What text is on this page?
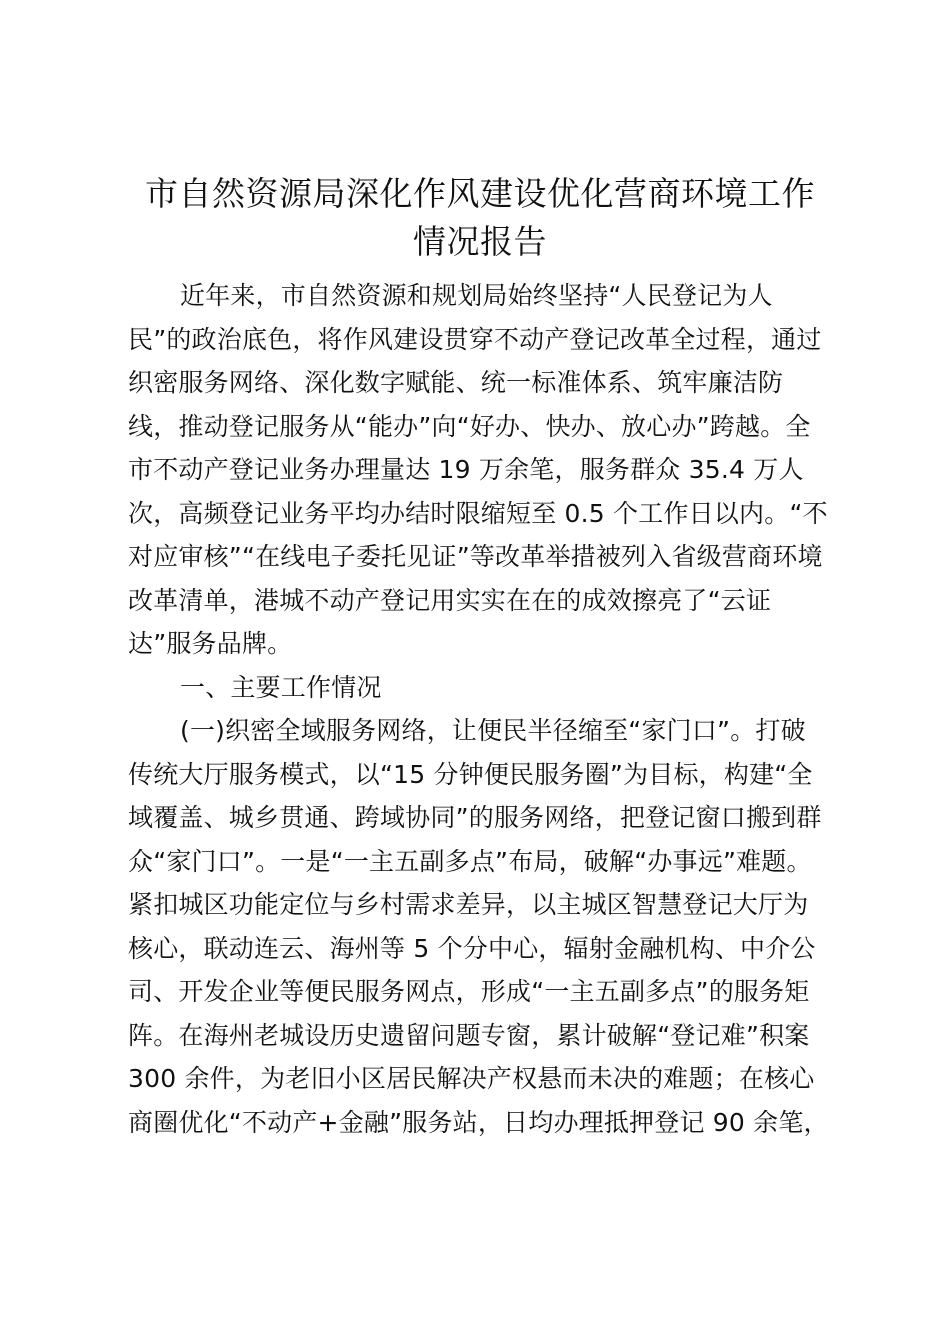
市自然资源局深化作风建设优化营商环境工作
情况报告
近年来，市自然资源和规划局始终坚持“人民登记为人
民”的政治底色，将作风建设贯穿不动产登记改革全过程，通过
织密服务网络、深化数字赋能、统一标准体系、筑牢廉洁防
线，推动登记服务从“能办”向“好办、快办、放心办”跨越。全
市不动产登记业务办理量达 19 万余笔，服务群众 35.4 万人
次，高频登记业务平均办结时限缩短至 0.5 个工作日以内。“不
对应审核”“在线电子委托见证”等改革举措被列入省级营商环境
改革清单，港城不动产登记用实实在在的成效擦亮了“云证
达”服务品牌。
一、主要工作情况
(一)织密全域服务网络，让便民半径缩至“家门口”。打破
传统大厅服务模式，以“15 分钟便民服务圈”为目标，构建“全
域覆盖、城乡贯通、跨域协同”的服务网络，把登记窗口搬到群
众“家门口”。一是“一主五副多点”布局，破解“办事远”难题。
紧扣城区功能定位与乡村需求差异，以主城区智慧登记大厅为
核心，联动连云、海州等 5 个分中心，辐射金融机构、中介公
司、开发企业等便民服务网点，形成“一主五副多点”的服务矩
阵。在海州老城设历史遗留问题专窗，累计破解“登记难”积案
300 余件，为老旧小区居民解决产权悬而未决的难题；在核心
商圈优化“不动产+金融”服务站，日均办理抵押登记 90 余笔，
